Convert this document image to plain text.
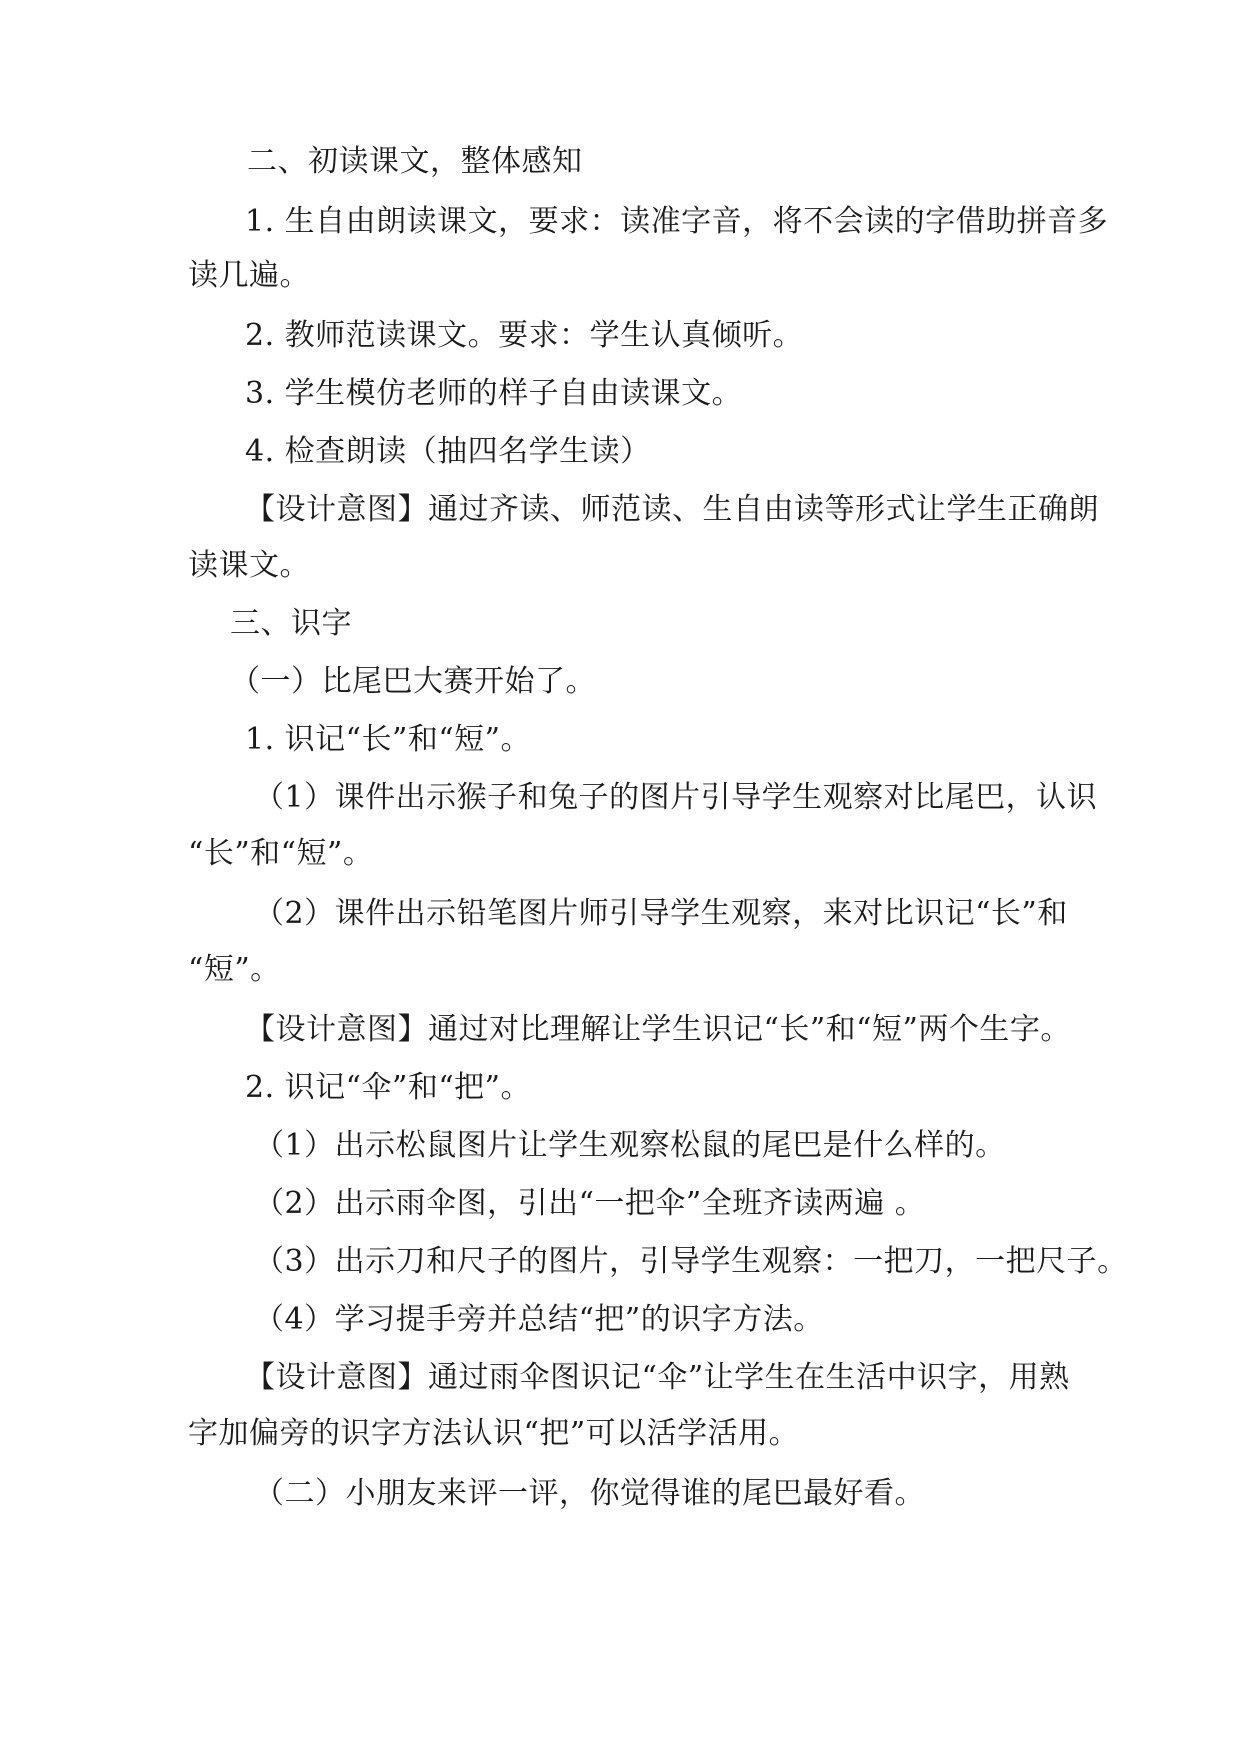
二、初读课文，整体感知
1. 生自由朗读课文，要求：读准字音，将不会读的字借助拼音多
读几遍。
2. 教师范读课文。要求：学生认真倾听。
3. 学生模仿老师的样子自由读课文。
4. 检查朗读（抽四名学生读）
【设计意图】通过齐读、师范读、生自由读等形式让学生正确朗
读课文。
三、识字
（一）比尾巴大赛开始了。
1. 识记“长”和“短”。
（1）课件出示猴子和兔子的图片引导学生观察对比尾巴，认识
“长”和“短”。
（2）课件出示铅笔图片师引导学生观察，来对比识记“长”和
“短”。
【设计意图】通过对比理解让学生识记“长”和“短”两个生字。
2. 识记“伞”和“把”。
（1）出示松鼠图片让学生观察松鼠的尾巴是什么样的。
（2）出示雨伞图，引出“一把伞”全班齐读两遍 。
（3）出示刀和尺子的图片，引导学生观察：一把刀，一把尺子。
（4）学习提手旁并总结“把”的识字方法。
【设计意图】通过雨伞图识记“伞”让学生在生活中识字，用熟
字加偏旁的识字方法认识“把”可以活学活用。
（二）小朋友来评一评，你觉得谁的尾巴最好看。
